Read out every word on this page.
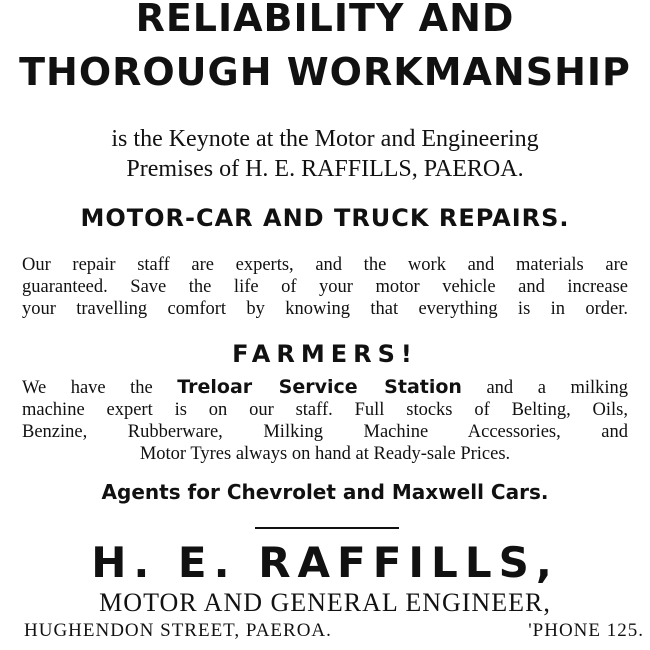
RELIABILITY AND
THOROUGH WORKMANSHIP
is the Keynote at the Motor and Engineering
Premises of H. E. RAFFILLS, PAEROA.
MOTOR-CAR AND TRUCK REPAIRS.
Our repair staff are experts, and the work and materials are
guaranteed. Save the life of your motor vehicle and increase
your travelling comfort by knowing that everything is in order.
FARMERS!
We have the Treloar Service Station and a milking
machine expert is on our staff. Full stocks of Belting, Oils,
Benzine, Rubberware, Milking Machine Accessories, and
Motor Tyres always on hand at Ready-sale Prices.
Agents for Chevrolet and Maxwell Cars.
H. E. RAFFILLS,
MOTOR AND GENERAL ENGINEER,
HUGHENDON STREET, PAEROA.	'PHONE 125.
